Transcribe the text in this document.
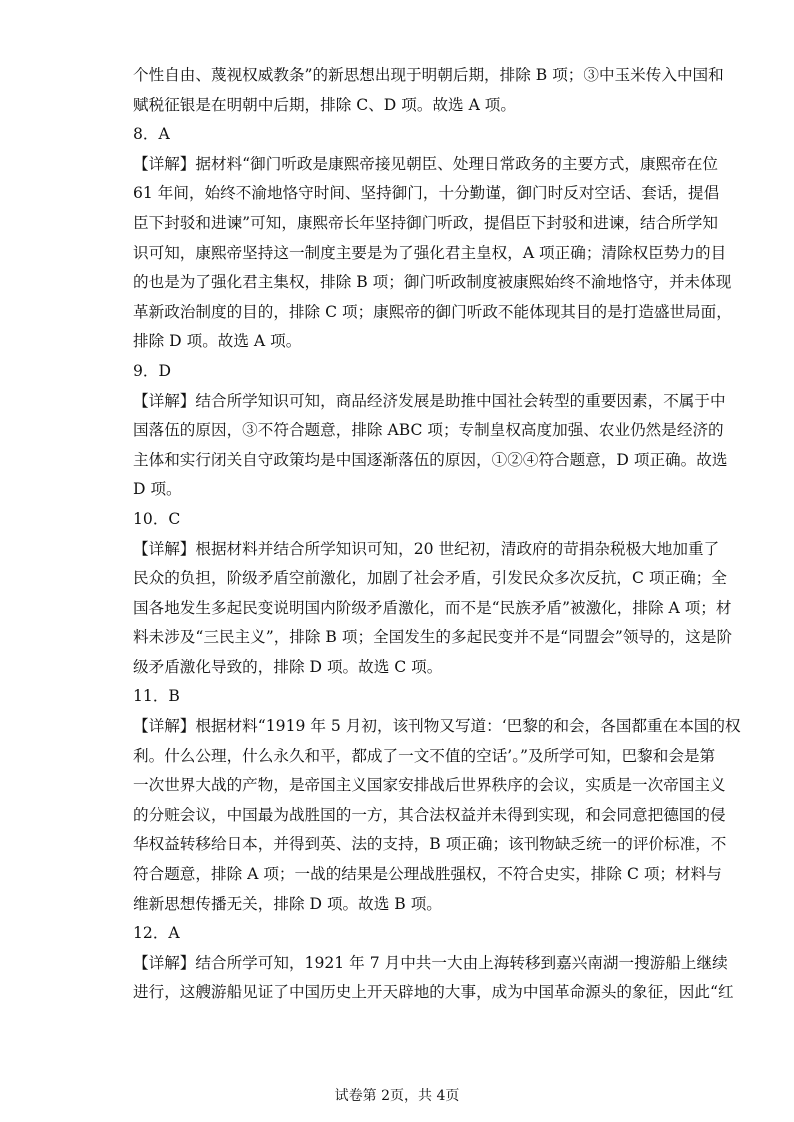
个性自由、蔑视权威教条”的新思想出现于明朝后期，排除 B 项；③中玉米传入中国和
赋税征银是在明朝中后期，排除 C、D 项。故选 A 项。
8．A
【详解】据材料“御门听政是康熙帝接见朝臣、处理日常政务的主要方式，康熙帝在位
61 年间，始终不渝地恪守时间、坚持御门，十分勤谨，御门时反对空话、套话，提倡
臣下封驳和进谏”可知，康熙帝长年坚持御门听政，提倡臣下封驳和进谏，结合所学知
识可知，康熙帝坚持这一制度主要是为了强化君主皇权，A 项正确；清除权臣势力的目
的也是为了强化君主集权，排除 B 项；御门听政制度被康熙始终不渝地恪守，并未体现
革新政治制度的目的，排除 C 项；康熙帝的御门听政不能体现其目的是打造盛世局面，
排除 D 项。故选 A 项。
9．D
【详解】结合所学知识可知，商品经济发展是助推中国社会转型的重要因素，不属于中
国落伍的原因，③不符合题意，排除 ABC 项；专制皇权高度加强、农业仍然是经济的
主体和实行闭关自守政策均是中国逐渐落伍的原因，①②④符合题意，D 项正确。故选
D 项。
10．C
【详解】根据材料并结合所学知识可知，20 世纪初，清政府的苛捐杂税极大地加重了
民众的负担，阶级矛盾空前激化，加剧了社会矛盾，引发民众多次反抗，C 项正确；全
国各地发生多起民变说明国内阶级矛盾激化，而不是“民族矛盾”被激化，排除 A 项；材
料未涉及“三民主义”，排除 B 项；全国发生的多起民变并不是“同盟会”领导的，这是阶
级矛盾激化导致的，排除 D 项。故选 C 项。
11．B
【详解】根据材料“1919 年 5 月初，该刊物又写道：‘巴黎的和会，各国都重在本国的权
利。什么公理，什么永久和平，都成了一文不值的空话’。”及所学可知，巴黎和会是第
一次世界大战的产物，是帝国主义国家安排战后世界秩序的会议，实质是一次帝国主义
的分赃会议，中国最为战胜国的一方，其合法权益并未得到实现，和会同意把德国的侵
华权益转移给日本，并得到英、法的支持，B 项正确；该刊物缺乏统一的评价标准，不
符合题意，排除 A 项；一战的结果是公理战胜强权，不符合史实，排除 C 项；材料与
维新思想传播无关，排除 D 项。故选 B 项。
12．A
【详解】结合所学可知，1921 年 7 月中共一大由上海转移到嘉兴南湖一搜游船上继续
进行，这艘游船见证了中国历史上开天辟地的大事，成为中国革命源头的象征，因此“红
试卷第 2页，共 4页
